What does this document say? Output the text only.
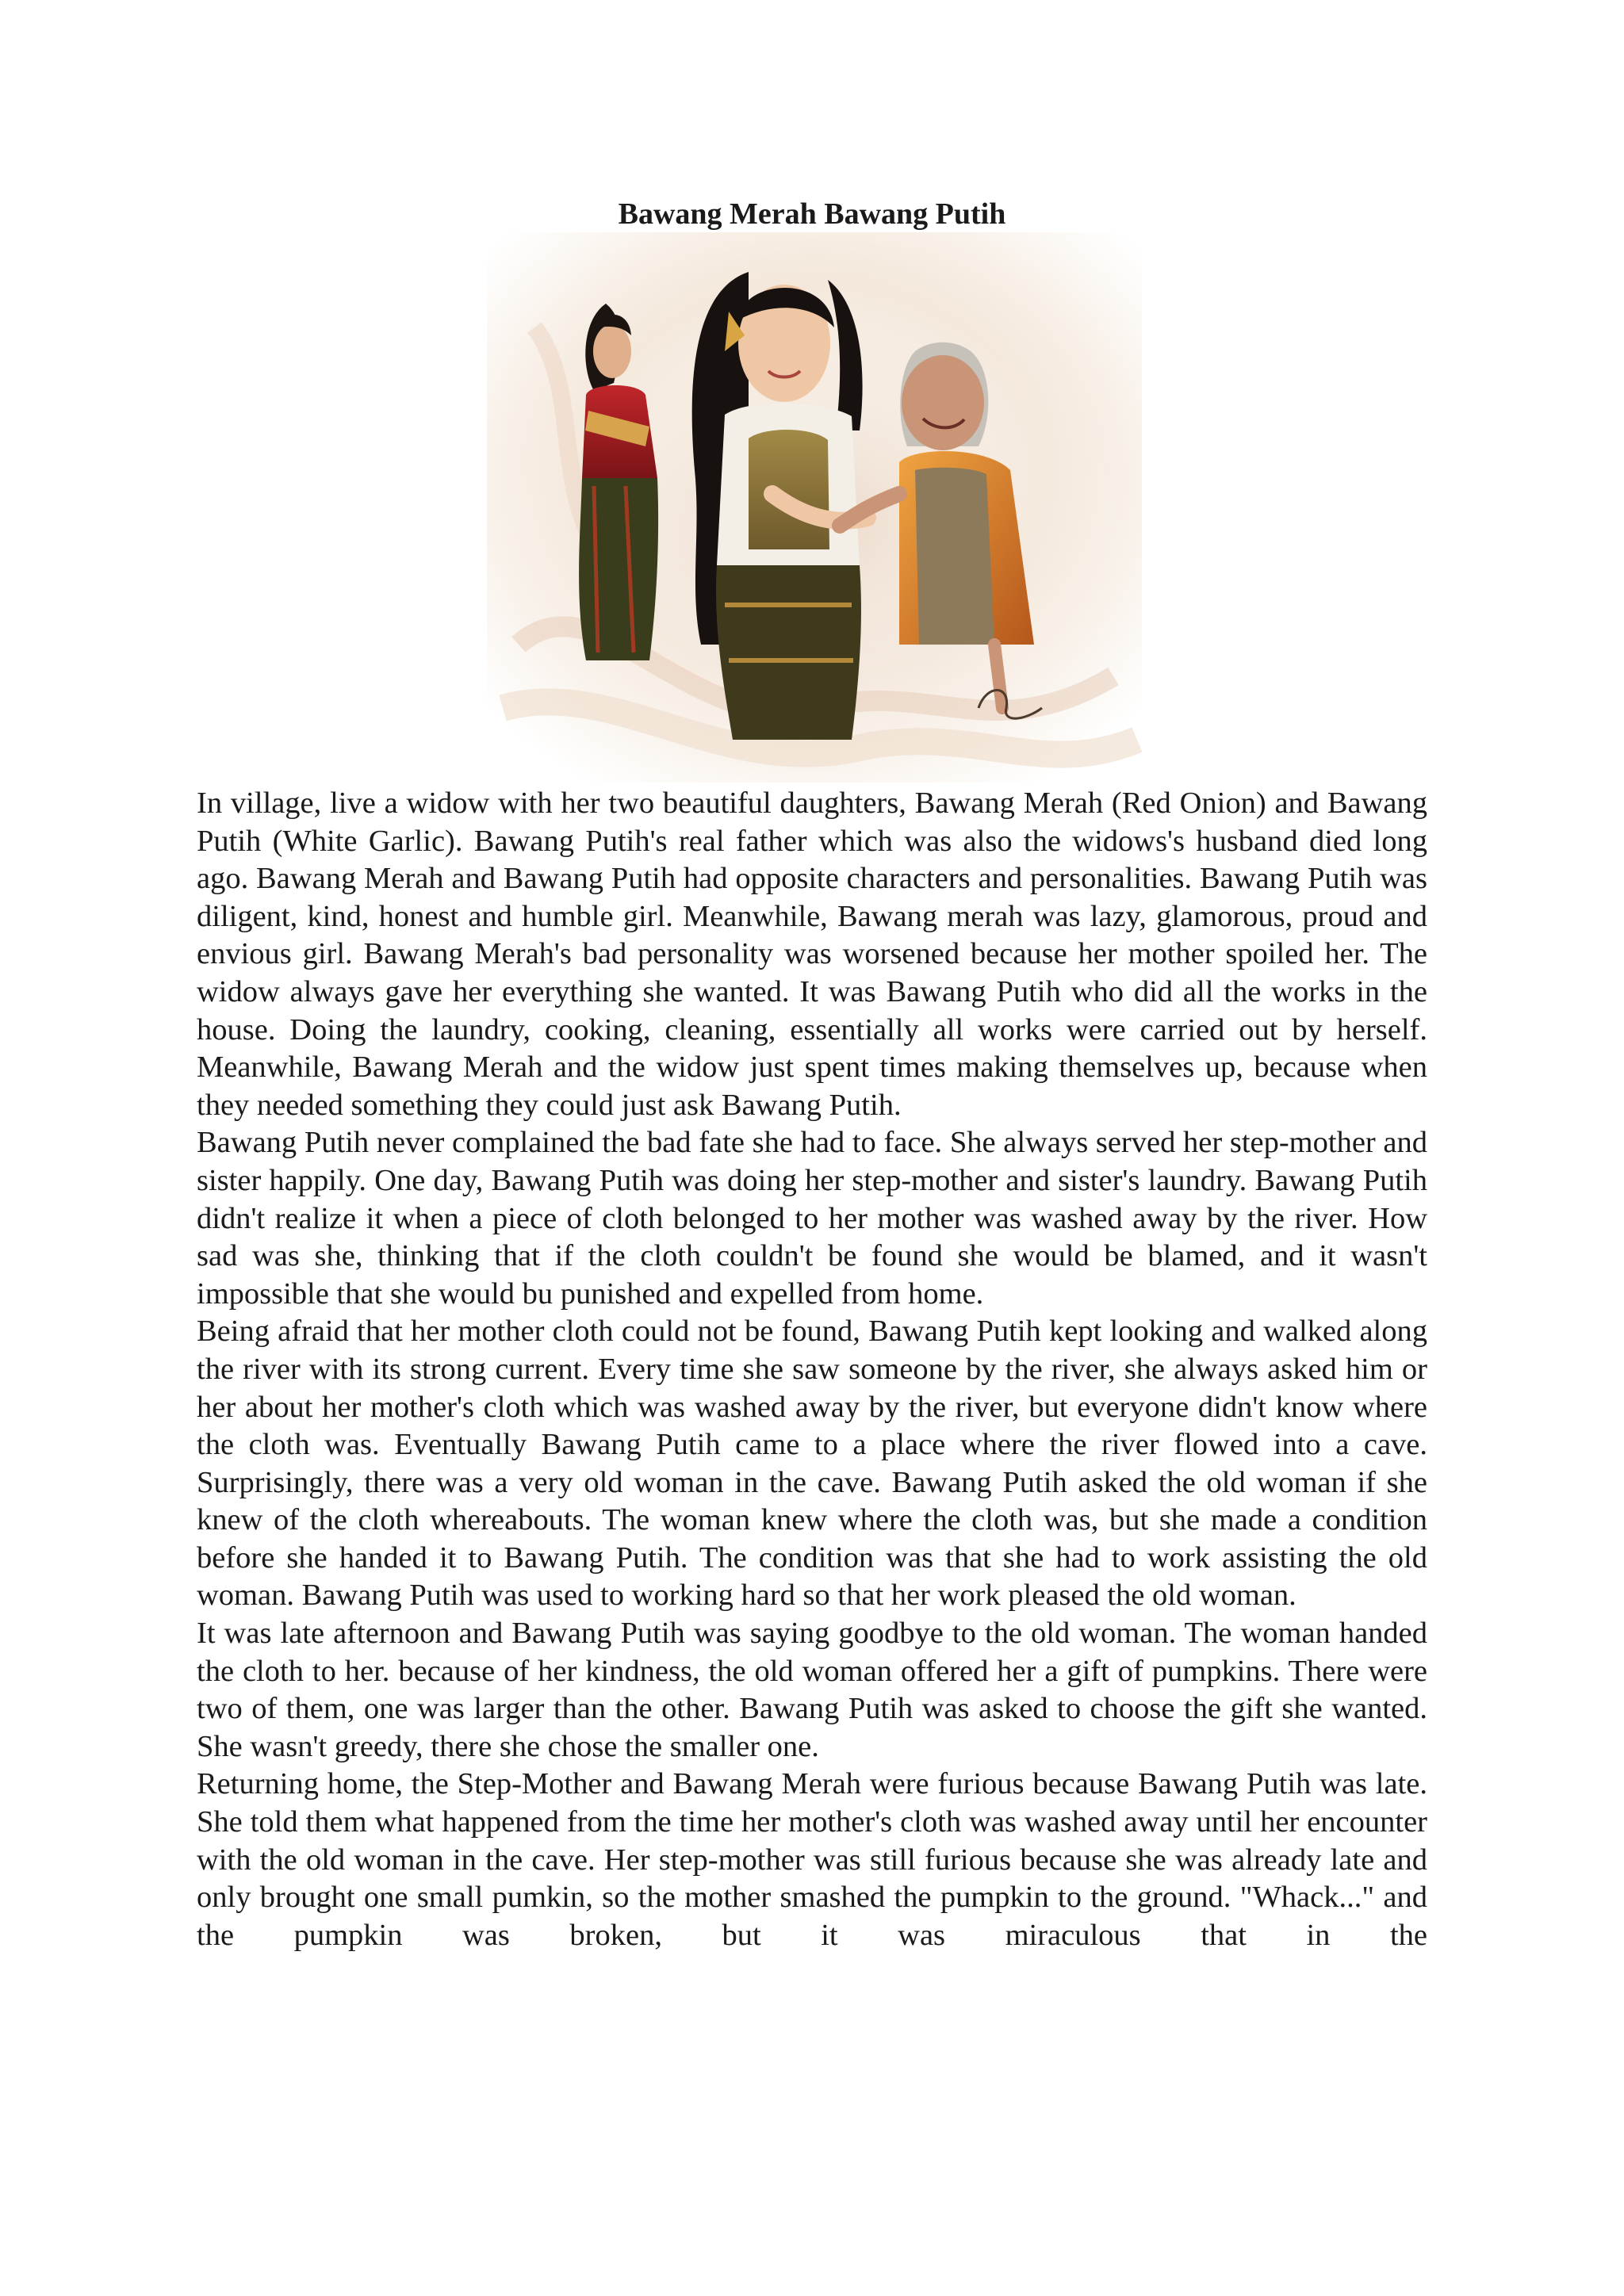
Bawang Merah Bawang Putih

In village, live a widow with her two beautiful daughters, Bawang Merah (Red Onion) and Bawang Putih (White Garlic). Bawang Putih's real father which was also the widows's husband died long ago. Bawang Merah and Bawang Putih had opposite characters and personalities. Bawang Putih was diligent, kind, honest and humble girl. Meanwhile, Bawang merah was lazy, glamorous, proud and envious girl. Bawang Merah's bad personality was worsened because her mother spoiled her. The widow always gave her everything she wanted. It was Bawang Putih who did all the works in the house. Doing the laundry, cooking, cleaning, essentially all works were carried out by herself. Meanwhile, Bawang Merah and the widow just spent times making themselves up, because when they needed something they could just ask Bawang Putih.

Bawang Putih never complained the bad fate she had to face. She always served her step-mother and sister happily. One day, Bawang Putih was doing her step-mother and sister's laundry. Bawang Putih didn't realize it when a piece of cloth belonged to her mother was washed away by the river. How sad was she, thinking that if the cloth couldn't be found she would be blamed, and it wasn't impossible that she would bu punished and expelled from home.

Being afraid that her mother cloth could not be found, Bawang Putih kept looking and walked along the river with its strong current. Every time she saw someone by the river, she always asked him or her about her mother's cloth which was washed away by the river, but everyone didn't know where the cloth was. Eventually Bawang Putih came to a place where the river flowed into a cave. Surprisingly, there was a very old woman in the cave. Bawang Putih asked the old woman if she knew of the cloth whereabouts. The woman knew where the cloth was, but she made a condition before she handed it to Bawang Putih. The condition was that she had to work assisting the old woman. Bawang Putih was used to working hard so that her work pleased the old woman.

It was late afternoon and Bawang Putih was saying goodbye to the old woman. The woman handed the cloth to her. because of her kindness, the old woman offered her a gift of pumpkins. There were two of them, one was larger than the other. Bawang Putih was asked to choose the gift she wanted. She wasn't greedy, there she chose the smaller one.

Returning home, the Step-Mother and Bawang Merah were furious because Bawang Putih was late. She told them what happened from the time her mother's cloth was washed away until her encounter with the old woman in the cave. Her step-mother was still furious because she was already late and only brought one small pumkin, so the mother smashed the pumpkin to the ground. "Whack..." and the pumpkin was broken, but it was miraculous that in the
